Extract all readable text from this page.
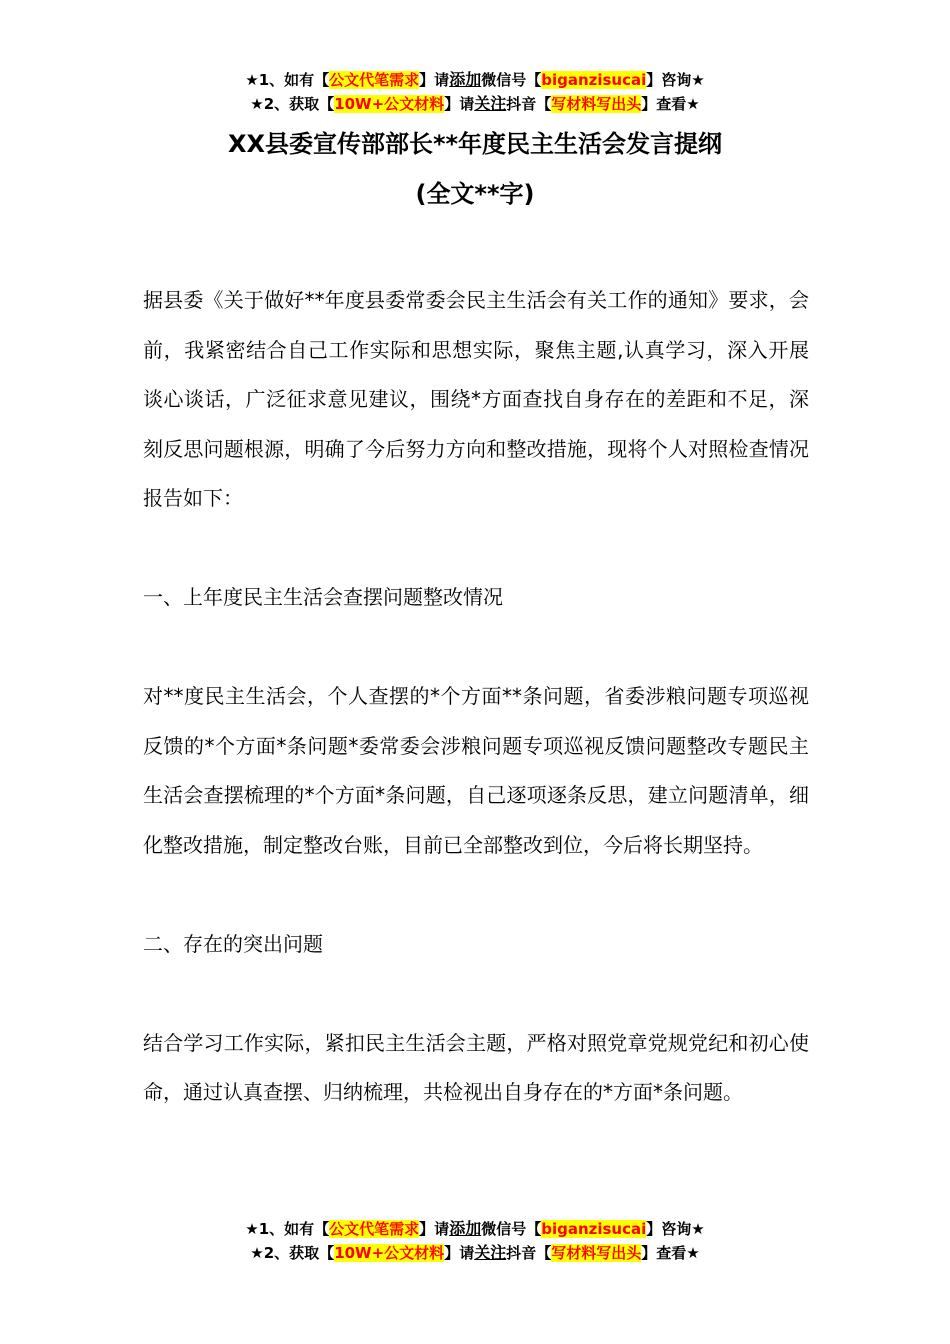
★1、如有【公文代笔需求】请添加微信号【biganzisucai】咨询★
★2、获取【10W+公文材料】请关注抖音【写材料写出头】查看★
XX县委宣传部部长**年度民主生活会发言提纲
(全文**字)

据县委《关于做好**年度县委常委会民主生活会有关工作的通知》要求，会前，我紧密结合自己工作实际和思想实际，聚焦主题,认真学习，深入开展谈心谈话，广泛征求意见建议，围绕*方面查找自身存在的差距和不足，深刻反思问题根源，明确了今后努力方向和整改措施，现将个人对照检查情况报告如下：

一、上年度民主生活会查摆问题整改情况

对**度民主生活会，个人查摆的*个方面**条问题，省委涉粮问题专项巡视反馈的*个方面*条问题*委常委会涉粮问题专项巡视反馈问题整改专题民主生活会查摆梳理的*个方面*条问题，自己逐项逐条反思，建立问题清单，细化整改措施，制定整改台账，目前已全部整改到位，今后将长期坚持。

二、存在的突出问题

结合学习工作实际，紧扣民主生活会主题，严格对照党章党规党纪和初心使命，通过认真查摆、归纳梳理，共检视出自身存在的*方面*条问题。

★1、如有【公文代笔需求】请添加微信号【biganzisucai】咨询★
★2、获取【10W+公文材料】请关注抖音【写材料写出头】查看★
